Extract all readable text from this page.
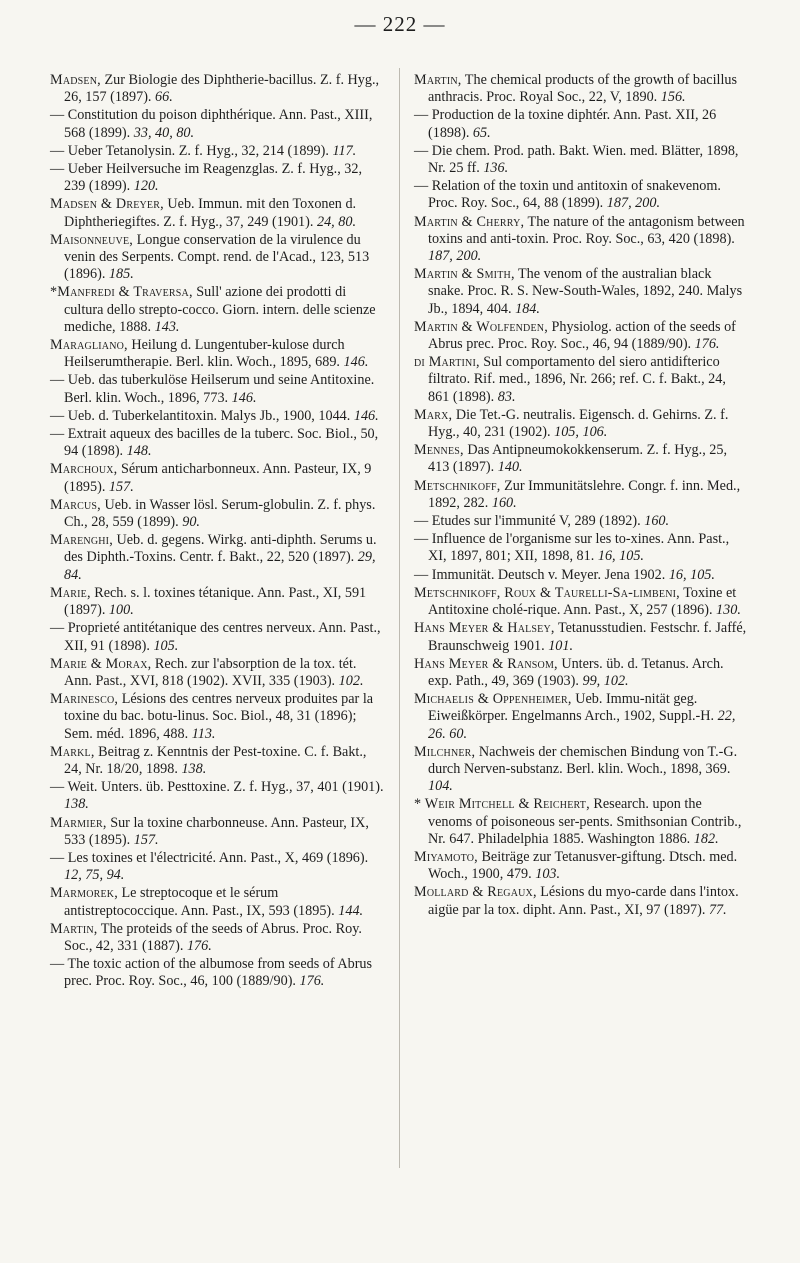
— 222 —
Madsen, Zur Biologie des Diphtherie-bacillus. Z. f. Hyg., 26, 157 (1897). 66.
— Constitution du poison diphthérique. Ann. Past., XIII, 568 (1899). 33, 40, 80.
— Ueber Tetanolysin. Z. f. Hyg., 32, 214 (1899). 117.
— Ueber Heilversuche im Reagenzglas. Z. f. Hyg., 32, 239 (1899). 120.
Madsen & Dreyer, Ueb. Immun. mit den Toxonen d. Diphtheriegiftes. Z. f. Hyg., 37, 249 (1901). 24, 80.
Maisonneuve, Longue conservation de la virulence du venin des Serpents. Compt. rend. de l'Acad., 123, 513 (1896). 185.
*Manfredi & Traversa, Sull' azione dei prodotti di cultura dello strepto-cocco. Giorn. intern. delle scienze mediche, 1888. 143.
Maragliano, Heilung d. Lungentuber-kulose durch Heilserumtherapie. Berl. klin. Woch., 1895, 689. 146.
— Ueb. das tuberkulöse Heilserum und seine Antitoxine. Berl. klin. Woch., 1896, 773. 146.
— Ueb. d. Tuberkelantitoxin. Malys Jb., 1900, 1044. 146.
— Extrait aqueux des bacilles de la tuberc. Soc. Biol., 50, 94 (1898). 148.
Marchoux, Sérum anticharbonneux. Ann. Pasteur, IX, 9 (1895). 157.
Marcus, Ueb. in Wasser lösl. Serum-globulin. Z. f. phys. Ch., 28, 559 (1899). 90.
Marenghi, Ueb. d. gegens. Wirkg. anti-diphth. Serums u. des Diphth.-Toxins. Centr. f. Bakt., 22, 520 (1897). 29, 84.
Marie, Rech. s. l. toxines tétanique. Ann. Past., XI, 591 (1897). 100.
— Proprieté antitétanique des centres nerveux. Ann. Past., XII, 91 (1898). 105.
Marie & Morax, Rech. zur l'absorption de la tox. tét. Ann. Past., XVI, 818 (1902). XVII, 335 (1903). 102.
Marinesco, Lésions des centres nerveux produites par la toxine du bac. botu-linus. Soc. Biol., 48, 31 (1896); Sem. méd. 1896, 488. 113.
Markl, Beitrag z. Kenntnis der Pest-toxine. C. f. Bakt., 24, Nr. 18/20, 1898. 138.
— Weit. Unters. üb. Pesttoxine. Z. f. Hyg., 37, 401 (1901). 138.
Marmier, Sur la toxine charbonneuse. Ann. Pasteur, IX, 533 (1895). 157.
— Les toxines et l'électricité. Ann. Past., X, 469 (1896). 12, 75, 94.
Marmorek, Le streptocoque et le sérum antistreptococcique. Ann. Past., IX, 593 (1895). 144.
Martin, The proteids of the seeds of Abrus. Proc. Roy. Soc., 42, 331 (1887). 176.
— The toxic action of the albumose from seeds of Abrus prec. Proc. Roy. Soc., 46, 100 (1889/90). 176.
Martin, The chemical products of the growth of bacillus anthracis. Proc. Royal Soc., 22, V, 1890. 156.
— Production de la toxine diphtér. Ann. Past. XII, 26 (1898). 65.
— Die chem. Prod. path. Bakt. Wien. med. Blätter, 1898, Nr. 25 ff. 136.
— Relation of the toxin und antitoxin of snakevenom. Proc. Roy. Soc., 64, 88 (1899). 187, 200.
Martin & Cherry, The nature of the antagonism between toxins and anti-toxin. Proc. Roy. Soc., 63, 420 (1898). 187, 200.
Martin & Smith, The venom of the australian black snake. Proc. R. S. New-South-Wales, 1892, 240. Malys Jb., 1894, 404. 184.
Martin & Wolfenden, Physiolog. action of the seeds of Abrus prec. Proc. Roy. Soc., 46, 94 (1889/90). 176.
di Martini, Sul comportamento del siero antidifterico filtrato. Rif. med., 1896, Nr. 266; ref. C. f. Bakt., 24, 861 (1898). 83.
Marx, Die Tet.-G. neutralis. Eigensch. d. Gehirns. Z. f. Hyg., 40, 231 (1902). 105, 106.
Mennes, Das Antipneumokokkenserum. Z. f. Hyg., 25, 413 (1897). 140.
Metschnikoff, Zur Immunitätslehre. Congr. f. inn. Med., 1892, 282. 160.
— Etudes sur l'immunité V, 289 (1892). 160.
— Influence de l'organisme sur les to-xines. Ann. Past., XI, 1897, 801; XII, 1898, 81. 16, 105.
— Immunität. Deutsch v. Meyer. Jena 1902. 16, 105.
Metschnikoff, Roux & Taurelli-Sa-limbeni, Toxine et Antitoxine cholé-rique. Ann. Past., X, 257 (1896). 130.
Hans Meyer & Halsey, Tetanusstudien. Festschr. f. Jaffé, Braunschweig 1901. 101.
Hans Meyer & Ransom, Unters. üb. d. Tetanus. Arch. exp. Path., 49, 369 (1903). 99, 102.
Michaelis & Oppenheimer, Ueb. Immu-nität geg. Eiweißkörper. Engelmanns Arch., 1902, Suppl.-H. 22, 26. 60.
Milchner, Nachweis der chemischen Bindung von T.-G. durch Nerven-substanz. Berl. klin. Woch., 1898, 369. 104.
* Weir Mitchell & Reichert, Research. upon the venoms of poisoneous ser-pents. Smithsonian Contrib., Nr. 647. Philadelphia 1885. Washington 1886. 182.
Miyamoto, Beiträge zur Tetanusver-giftung. Dtsch. med. Woch., 1900, 479. 103.
Mollard & Regaux, Lésions du myo-carde dans l'intox. aigüe par la tox. dipht. Ann. Past., XI, 97 (1897). 77.
